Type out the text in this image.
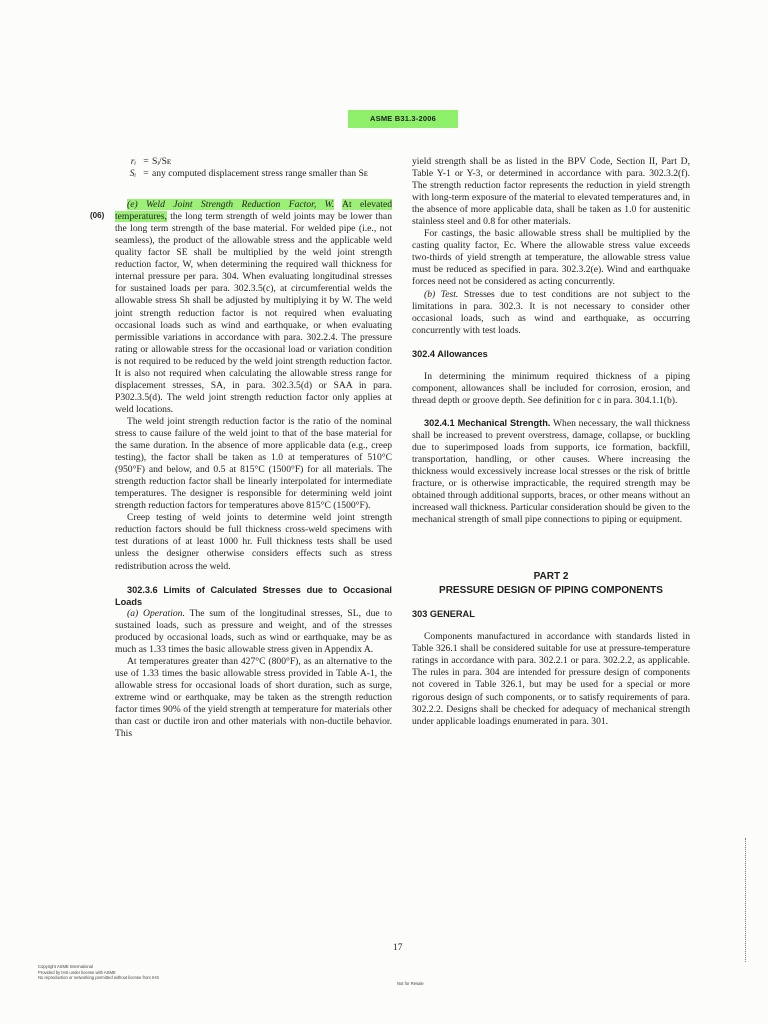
ASME B31.3-2006
(06)
rᵢ = Sᵢ/Sᴇ
Sᵢ = any computed displacement stress range smaller than Sᴇ

(e) Weld Joint Strength Reduction Factor, W. At elevated temperatures, the long term strength of weld joints may be lower than the long term strength of the base material. For welded pipe (i.e., not seamless), the product of the allowable stress and the applicable weld quality factor SE shall be multiplied by the weld joint strength reduction factor, W, when determining the required wall thickness for internal pressure per para. 304. When evaluating longitudinal stresses for sustained loads per para. 302.3.5(c), at circumferential welds the allowable stress Sh shall be adjusted by multiplying it by W. The weld joint strength reduction factor is not required when evaluating occasional loads such as wind and earthquake, or when evaluating permissible variations in accordance with para. 302.2.4. The pressure rating or allowable stress for the occasional load or variation condition is not required to be reduced by the weld joint strength reduction factor. It is also not required when calculating the allowable stress range for displacement stresses, SA, in para. 302.3.5(d) or SAA in para. P302.3.5(d). The weld joint strength reduction factor only applies at weld locations.

The weld joint strength reduction factor is the ratio of the nominal stress to cause failure of the weld joint to that of the base material for the same duration. In the absence of more applicable data (e.g., creep testing), the factor shall be taken as 1.0 at temperatures of 510°C (950°F) and below, and 0.5 at 815°C (1500°F) for all materials. The strength reduction factor shall be linearly interpolated for intermediate temperatures. The designer is responsible for determining weld joint strength reduction factors for temperatures above 815°C (1500°F).

Creep testing of weld joints to determine weld joint strength reduction factors should be full thickness cross-weld specimens with test durations of at least 1000 hr. Full thickness tests shall be used unless the designer otherwise considers effects such as stress redistribution across the weld.

302.3.6 Limits of Calculated Stresses due to Occasional Loads

(a) Operation. The sum of the longitudinal stresses, SL, due to sustained loads, such as pressure and weight, and of the stresses produced by occasional loads, such as wind or earthquake, may be as much as 1.33 times the basic allowable stress given in Appendix A.

At temperatures greater than 427°C (800°F), as an alternative to the use of 1.33 times the basic allowable stress provided in Table A-1, the allowable stress for occasional loads of short duration, such as surge, extreme wind or earthquake, may be taken as the strength reduction factor times 90% of the yield strength at temperature for materials other than cast or ductile iron and other materials with non-ductile behavior. This

yield strength shall be as listed in the BPV Code, Section II, Part D, Table Y-1 or Y-3, or determined in accordance with para. 302.3.2(f). The strength reduction factor represents the reduction in yield strength with long-term exposure of the material to elevated temperatures and, in the absence of more applicable data, shall be taken as 1.0 for austenitic stainless steel and 0.8 for other materials.

For castings, the basic allowable stress shall be multiplied by the casting quality factor, Ec. Where the allowable stress value exceeds two-thirds of yield strength at temperature, the allowable stress value must be reduced as specified in para. 302.3.2(e). Wind and earthquake forces need not be considered as acting concurrently.

(b) Test. Stresses due to test conditions are not subject to the limitations in para. 302.3. It is not necessary to consider other occasional loads, such as wind and earthquake, as occurring concurrently with test loads.

302.4 Allowances

In determining the minimum required thickness of a piping component, allowances shall be included for corrosion, erosion, and thread depth or groove depth. See definition for c in para. 304.1.1(b).

302.4.1 Mechanical Strength. When necessary, the wall thickness shall be increased to prevent overstress, damage, collapse, or buckling due to superimposed loads from supports, ice formation, backfill, transportation, handling, or other causes. Where increasing the thickness would excessively increase local stresses or the risk of brittle fracture, or is otherwise impracticable, the required strength may be obtained through additional supports, braces, or other means without an increased wall thickness. Particular consideration should be given to the mechanical strength of small pipe connections to piping or equipment.

PART 2
PRESSURE DESIGN OF PIPING COMPONENTS

303 GENERAL

Components manufactured in accordance with standards listed in Table 326.1 shall be considered suitable for use at pressure-temperature ratings in accordance with para. 302.2.1 or para. 302.2.2, as applicable. The rules in para. 304 are intended for pressure design of components not covered in Table 326.1, but may be used for a special or more rigorous design of such components, or to satisfy requirements of para. 302.2.2. Designs shall be checked for adequacy of mechanical strength under applicable loadings enumerated in para. 301.

17
Copyright ASME International
Provided by IHS under license with ASME
No reproduction or networking permitted without license from IHS
Not for Resale
